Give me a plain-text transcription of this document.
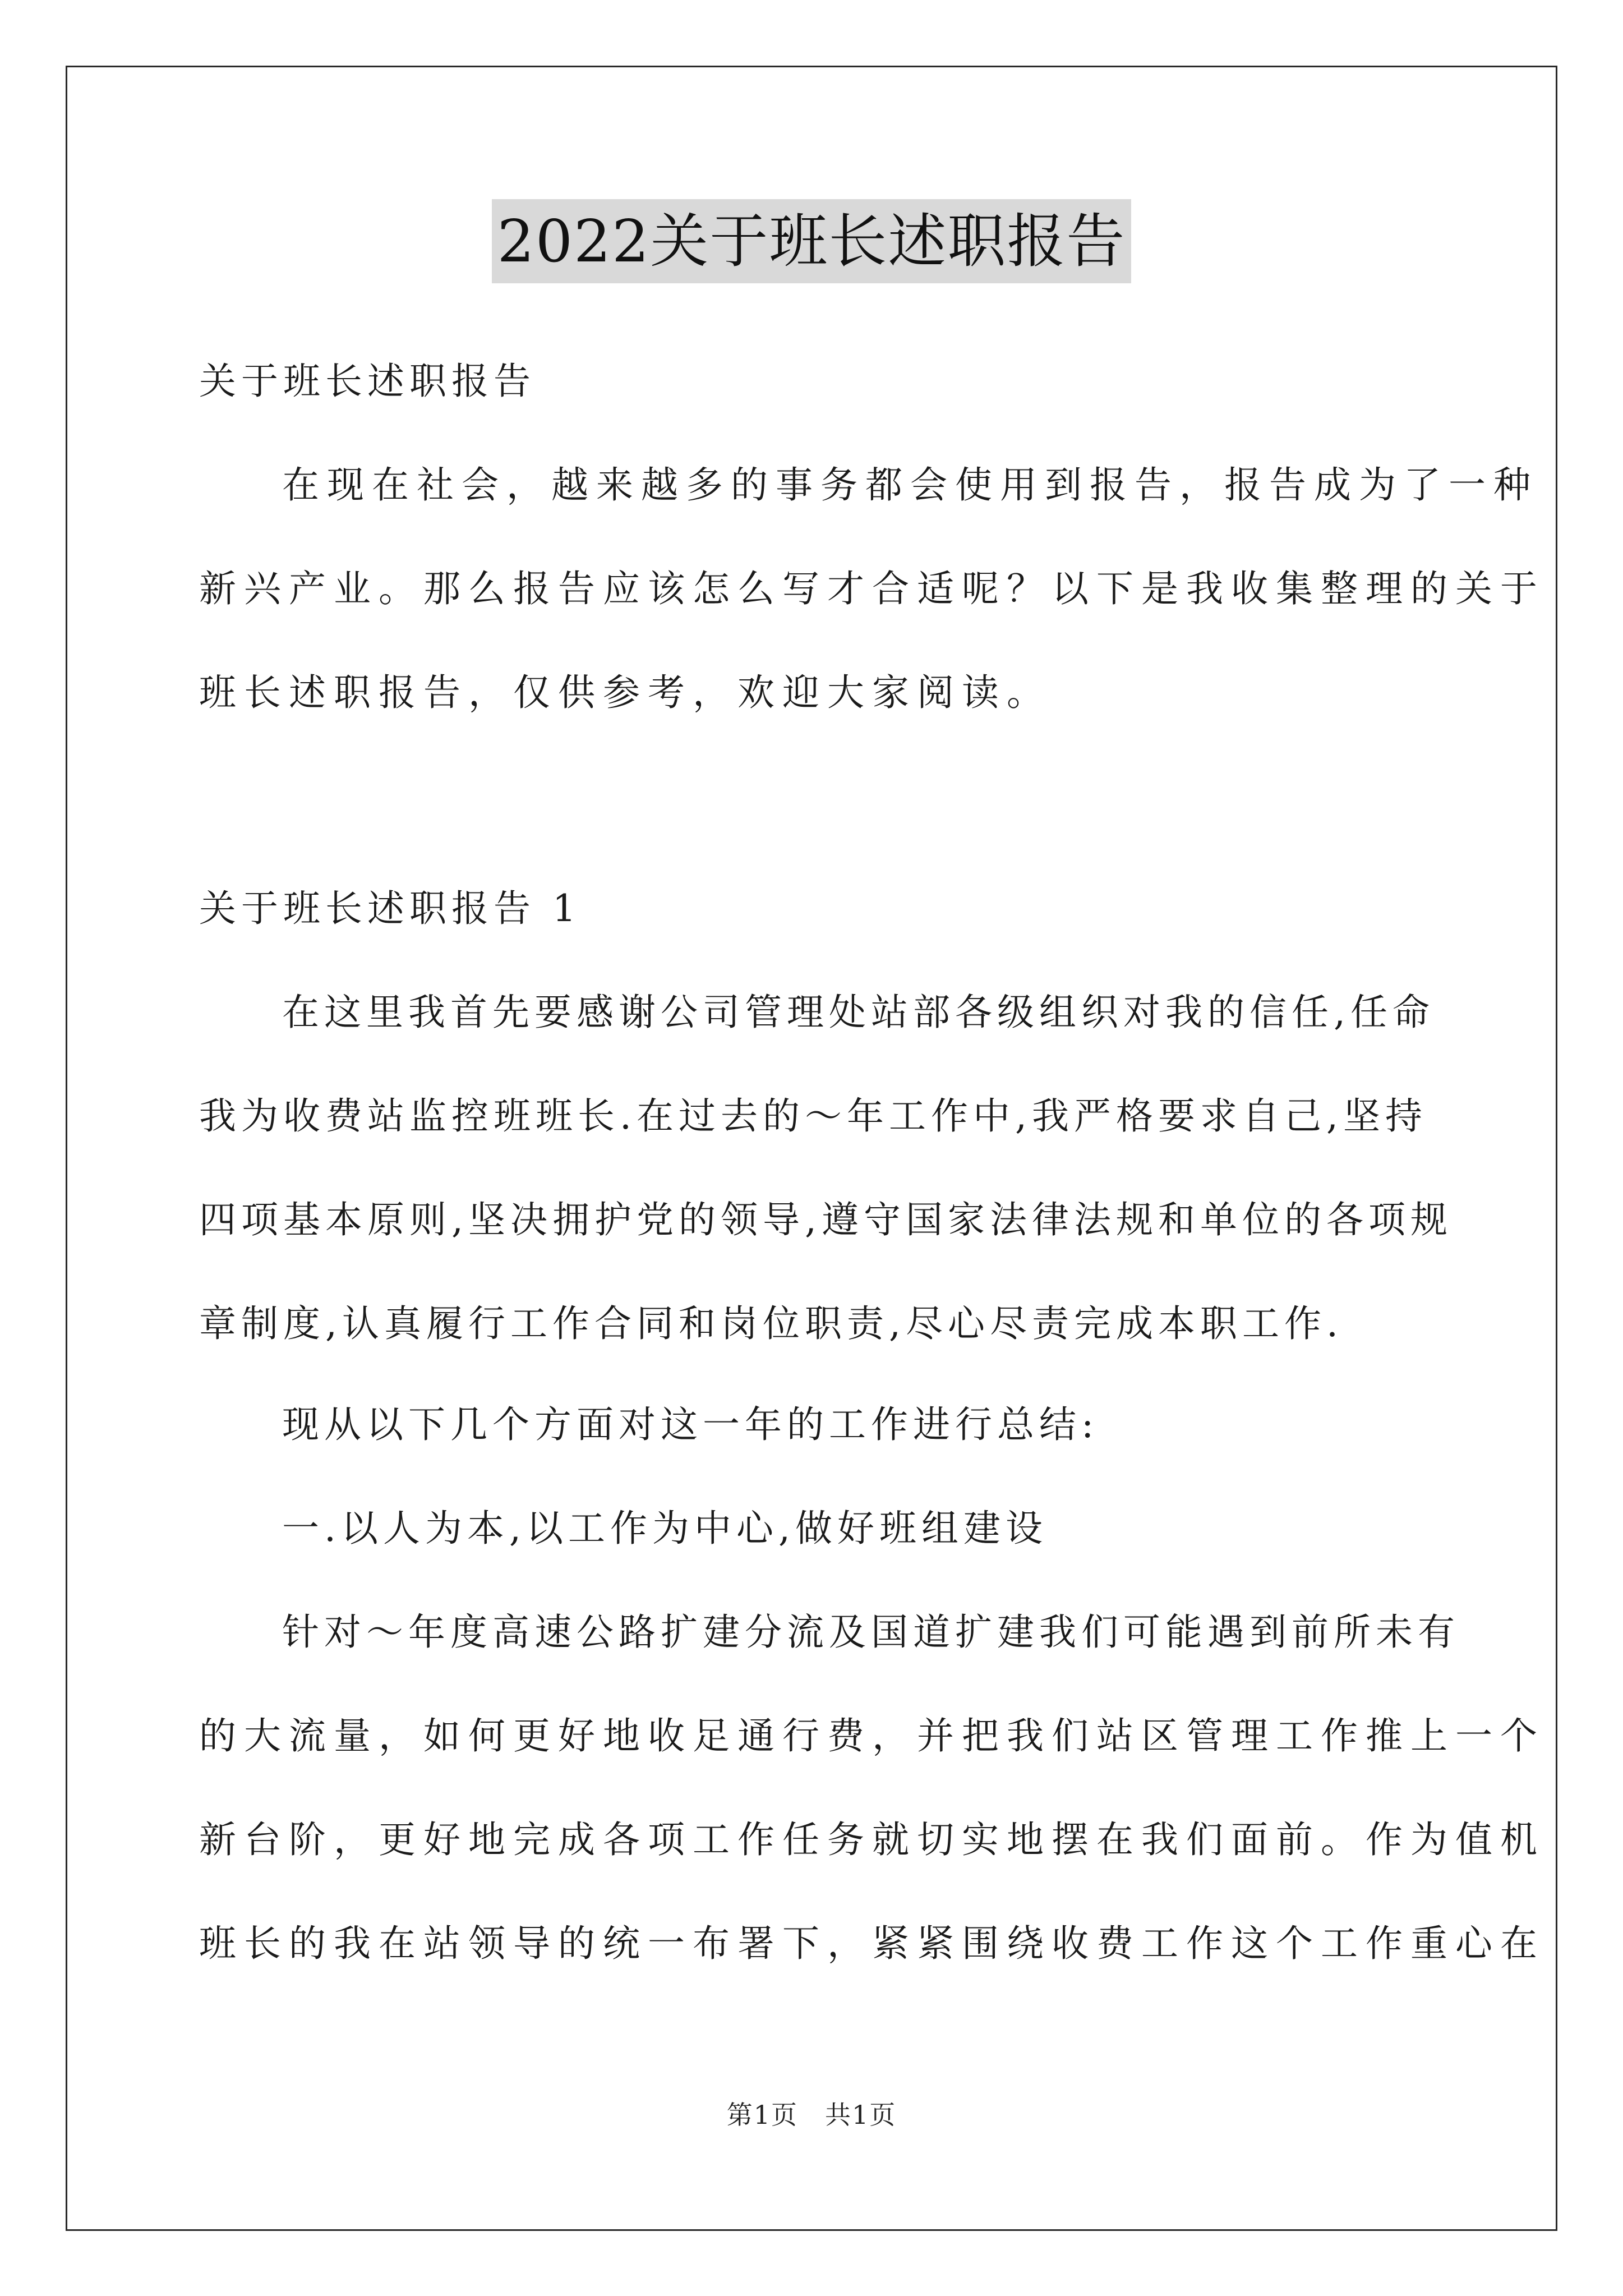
2022关于班长述职报告
关于班长述职报告
在现在社会，越来越多的事务都会使用到报告，报告成为了一种
新兴产业。那么报告应该怎么写才合适呢？以下是我收集整理的关于
班长述职报告，仅供参考，欢迎大家阅读。
关于班长述职报告 1
在这里我首先要感谢公司管理处站部各级组织对我的信任,任命
我为收费站监控班班长.在过去的～年工作中,我严格要求自己,坚持
四项基本原则,坚决拥护党的领导,遵守国家法律法规和单位的各项规
章制度,认真履行工作合同和岗位职责,尽心尽责完成本职工作.
现从以下几个方面对这一年的工作进行总结:
一.以人为本,以工作为中心,做好班组建设
针对～年度高速公路扩建分流及国道扩建我们可能遇到前所未有
的大流量，如何更好地收足通行费，并把我们站区管理工作推上一个
新台阶，更好地完成各项工作任务就切实地摆在我们面前。作为值机
班长的我在站领导的统一布署下，紧紧围绕收费工作这个工作重心在
第1页　共1页
